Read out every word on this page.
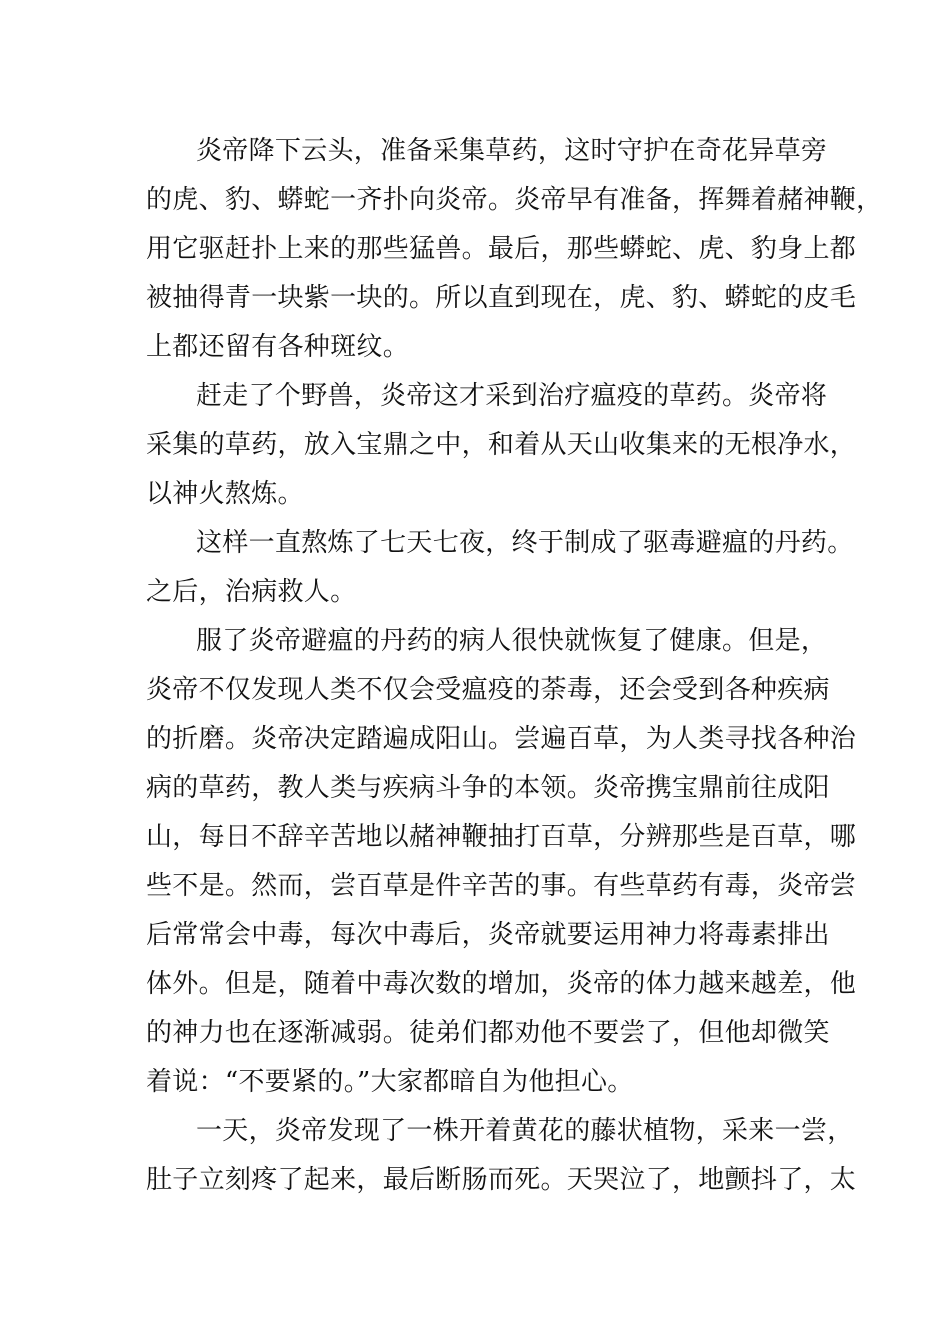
炎帝降下云头，准备采集草药，这时守护在奇花异草旁
的虎、豹、蟒蛇一齐扑向炎帝。炎帝早有准备，挥舞着赭神鞭，
用它驱赶扑上来的那些猛兽。最后，那些蟒蛇、虎、豹身上都
被抽得青一块紫一块的。所以直到现在，虎、豹、蟒蛇的皮毛
上都还留有各种斑纹。
赶走了个野兽，炎帝这才采到治疗瘟疫的草药。炎帝将
采集的草药，放入宝鼎之中，和着从天山收集来的无根净水，
以神火熬炼。
这样一直熬炼了七天七夜，终于制成了驱毒避瘟的丹药。
之后，治病救人。
服了炎帝避瘟的丹药的病人很快就恢复了健康。但是，
炎帝不仅发现人类不仅会受瘟疫的荼毒，还会受到各种疾病
的折磨。炎帝决定踏遍成阳山。尝遍百草，为人类寻找各种治
病的草药，教人类与疾病斗争的本领。炎帝携宝鼎前往成阳
山，每日不辞辛苦地以赭神鞭抽打百草，分辨那些是百草，哪
些不是。然而，尝百草是件辛苦的事。有些草药有毒，炎帝尝
后常常会中毒，每次中毒后，炎帝就要运用神力将毒素排出
体外。但是，随着中毒次数的增加，炎帝的体力越来越差，他
的神力也在逐渐减弱。徒弟们都劝他不要尝了，但他却微笑
着说：“不要紧的。”大家都暗自为他担心。
一天，炎帝发现了一株开着黄花的藤状植物，采来一尝，
肚子立刻疼了起来，最后断肠而死。天哭泣了，地颤抖了，太
